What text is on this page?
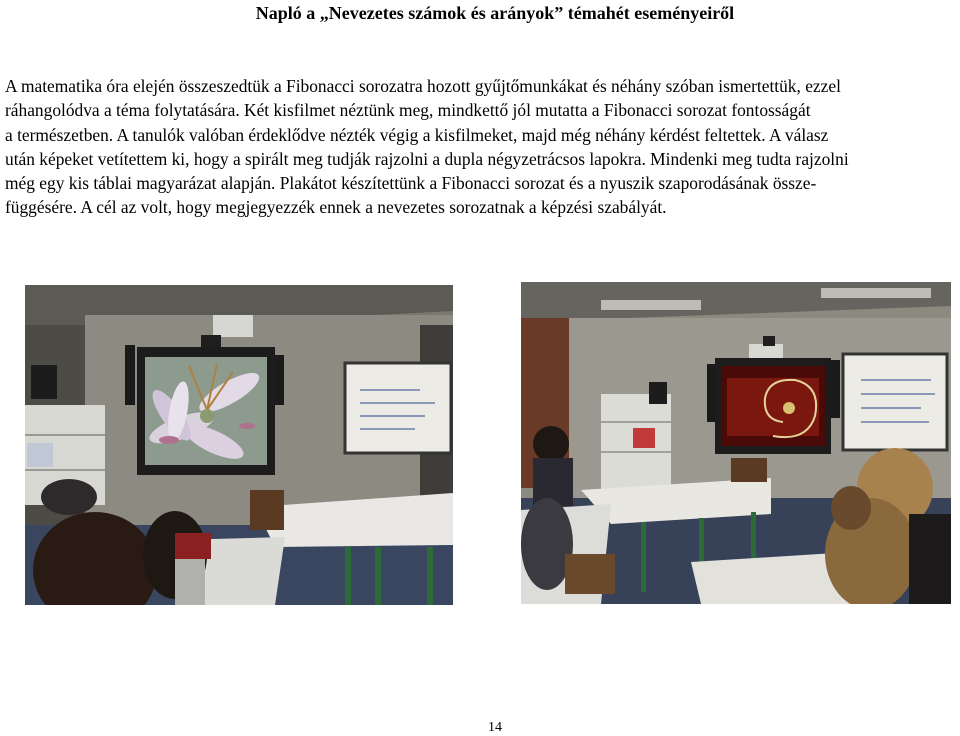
Napló a „Nevezetes számok és arányok” témahét eseményeiről
A matematika óra elején összeszedtük a Fibonacci sorozatra hozott gyűjtőmunkákat és néhány szóban ismertettük, ezzel
ráhangolódva a téma folytatására. Két kisfilmet néztünk meg, mindkettő jól mutatta a Fibonacci sorozat fontosságát
a természetben. A tanulók valóban érdeklődve nézték végig a kisfilmeket, majd még néhány kérdést feltettek. A válasz
után képeket vetítettem ki, hogy a spirált meg tudják rajzolni a dupla négyzetrácsos lapokra. Mindenki meg tudta rajzolni
még egy kis táblai magyarázat alapján. Plakátot készítettünk a Fibonacci sorozat és a nyuszik szaporodásának össze-
függésére. A cél az volt, hogy megjegyezzék ennek a nevezetes sorozatnak a képzési szabályát.
14
